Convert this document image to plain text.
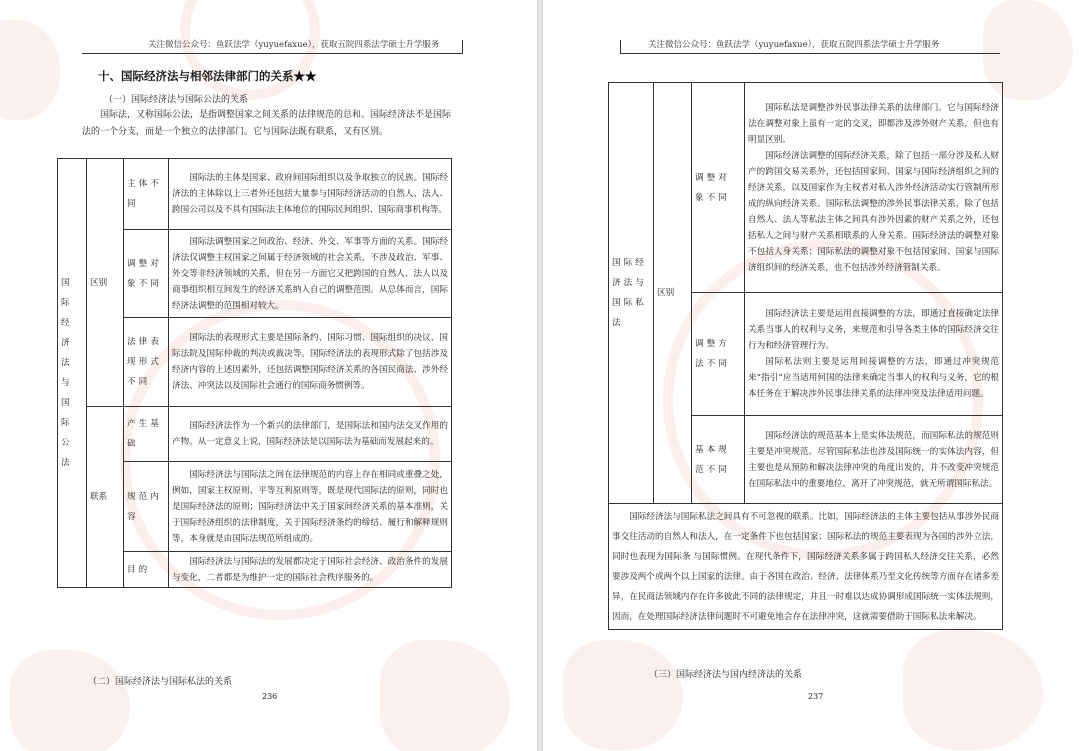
关注微信公众号：鱼跃法学（yuyuefaxue），获取五院四系法学硕士升学服务
十、国际经济法与相邻法律部门的关系★★
（一）国际经济法与国际公法的关系
国际法，又称国际公法，是指调整国家之间关系的法律规范的总和。国际经济法不是国际法的一个分支，而是一个独立的法律部门。它与国际法既有联系，又有区别。
国际经济法与国际公法	区别	主体不同	国际法的主体是国家、政府间国际组织以及争取独立的民族。国际经济法的主体除以上三者外还包括大量参与国际经济活动的自然人、法人、跨国公司以及不具有国际法主体地位的国际民间组织、国际商事机构等。
		调整对象不同	国际法调整国家之间政治、经济、外交、军事等方面的关系。国际经济法仅调整主权国家之间属于经济领域的社会关系，不涉及政治、军事、外交等非经济领域的关系，但在另一方面它又把跨国的自然人、法人以及商事组织相互间发生的经济关系纳入自己的调整范围。从总体而言，国际经济法调整的范围相对较大。
		法律表现形式不同	国际法的表现形式主要是国际条约、国际习惯、国际组织的决议、国际法院及国际仲裁的判决或裁决等。国际经济法的表现形式除了包括涉及经济内容的上述因素外，还包括调整国际经济关系的各国民商法、涉外经济法、冲突法以及国际社会通行的国际商务惯例等。
	联系	产生基础	国际经济法作为一个新兴的法律部门，是国际法和国内法交叉作用的产物。从一定意义上说，国际经济法是以国际法为基础而发展起来的。
		规范内容	国际经济法与国际法之间在法律规范的内容上存在相同或重叠之处，例如，国家主权原则、平等互利原则等，既是现代国际法的原则，同时也是国际经济法的原则；国际经济法中关于国家间经济关系的基本准则，关于国际经济组织的法律制度，关于国际经济条约的缔结、履行和解释规则等，本身就是由国际法规范所组成的。
		目的	国际经济法与国际法的发展都决定于国际社会经济、政治条件的发展与变化，二者都是为维护一定的国际社会秩序服务的。
（二）国际经济法与国际私法的关系
236
关注微信公众号：鱼跃法学（yuyuefaxue），获取五院四系法学硕士升学服务
国际经济法与国际私法	区别	调整对象不同	国际私法是调整涉外民事法律关系的法律部门。它与国际经济法在调整对象上虽有一定的交叉，即都涉及涉外财产关系，但也有明显区别。

国际经济法调整的国际经济关系，除了包括一部分涉及私人财产的跨国交易关系外，还包括国家间、国家与国际经济组织之间的经济关系，以及国家作为主权者对私人涉外经济活动实行管制所形成的纵向经济关系。国际私法调整的涉外民事法律关系，除了包括自然人、法人等私法主体之间具有涉外因素的财产关系之外，还包括私人之间与财产关系相联系的人身关系。国际经济法的调整对象不包括人身关系；国际私法的调整对象不包括国家间、国家与国际 济组织间的经济关系，也不包括涉外经济管制关系。

		调整方法不同	国际经济法主要是运用直接调整的方法，即通过直接确定法律关系当事人的权利与义务，来规范和引导各类主体的国际经济交往行为和经济管理行为。

国际私法则主要是运用间接调整的方法，即通过冲突规范来“指引”应当适用何国的法律来确定当事人的权利与义务，它的根本任务在于解决涉外民事法律关系的法律冲突及法律适用问题。

		基本规范不同	国际经济法的规范基本上是实体法规范，而国际私法的规范则主要是冲突规范。尽管国际私法也涉及国际统一的实体法内容，但主要也是从预防和解决法律冲突的角度出发的，并不改变冲突规范在国际私法中的重要地位，离开了冲突规范，就无所谓国际私法。

国际经济法与国际私法之间具有不可忽视的联系。比如，国际经济法的主体主要包括从事涉外民商事交往活动的自然人和法人，在一定条件下也包括国家；国际私法的规范主要表现为各国的涉外立法，同时也表现为国际条 与国际惯例。在现代条件下，国际经济关系多属于跨国私人经济交往关系，必然要涉及两个或两个以上国家的法律。由于各国在政治、经济、法律体系乃至文化传统等方面存在诸多差异，在民商法领域内存在许多彼此不同的法律规定，并且一时难以达成协调形成国际统一实体法规则，因而，在处理国际经济法律问题时不可避免地会存在法律冲突，这就需要借助于国际私法来解决。			
（三）国际经济法与国内经济法的关系
237
